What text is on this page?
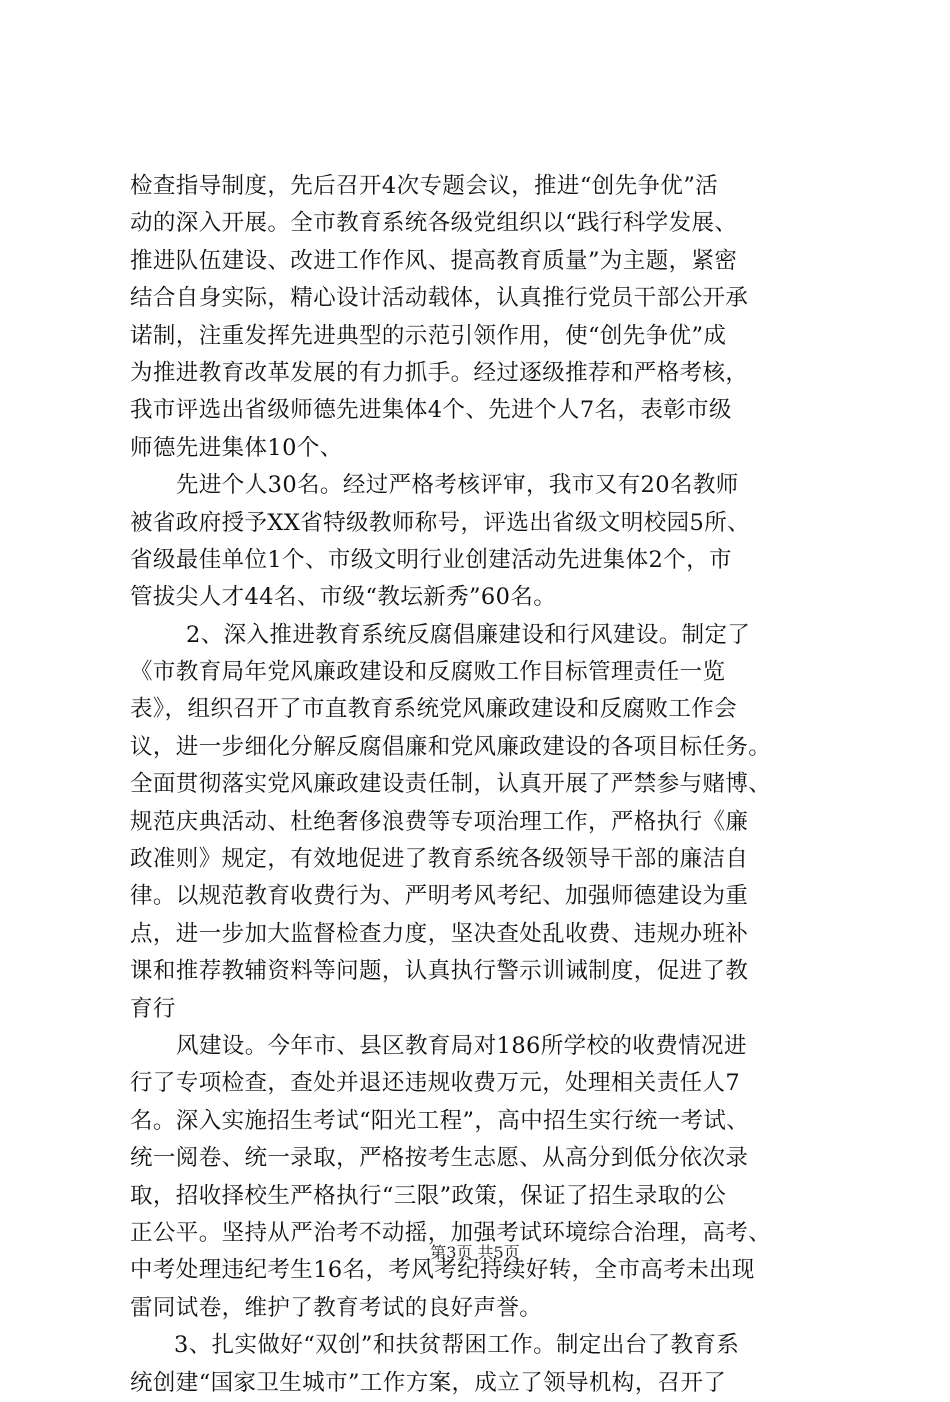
检查指导制度，先后召开4次专题会议，推进“创先争优”活
动的深入开展。全市教育系统各级党组织以“践行科学发展、
推进队伍建设、改进工作作风、提高教育质量”为主题，紧密
结合自身实际，精心设计活动载体，认真推行党员干部公开承
诺制，注重发挥先进典型的示范引领作用，使“创先争优”成
为推进教育改革发展的有力抓手。经过逐级推荐和严格考核，
我市评选出省级师德先进集体4个、先进个人7名，表彰市级
师德先进集体10个、
先进个人30名。经过严格考核评审，我市又有20名教师
被省政府授予XX省特级教师称号，评选出省级文明校园5所、
省级最佳单位1个、市级文明行业创建活动先进集体2个，市
管拔尖人才44名、市级“教坛新秀”60名。
2、深入推进教育系统反腐倡廉建设和行风建设。制定了
《市教育局年党风廉政建设和反腐败工作目标管理责任一览
表》，组织召开了市直教育系统党风廉政建设和反腐败工作会
议，进一步细化分解反腐倡廉和党风廉政建设的各项目标任务。
全面贯彻落实党风廉政建设责任制，认真开展了严禁参与赌博、
规范庆典活动、杜绝奢侈浪费等专项治理工作，严格执行《廉
政准则》规定，有效地促进了教育系统各级领导干部的廉洁自
律。以规范教育收费行为、严明考风考纪、加强师德建设为重
点，进一步加大监督检查力度，坚决查处乱收费、违规办班补
课和推荐教辅资料等问题，认真执行警示训诫制度，促进了教
育行
风建设。今年市、县区教育局对186所学校的收费情况进
行了专项检查，查处并退还违规收费万元，处理相关责任人7
名。深入实施招生考试“阳光工程”，高中招生实行统一考试、
统一阅卷、统一录取，严格按考生志愿、从高分到低分依次录
取，招收择校生严格执行“三限”政策，保证了招生录取的公
正公平。坚持从严治考不动摇，加强考试环境综合治理，高考、
中考处理违纪考生16名，考风考纪持续好转，全市高考未出现
雷同试卷，维护了教育考试的良好声誉。
3、扎实做好“双创”和扶贫帮困工作。制定出台了教育系
统创建“国家卫生城市”工作方案，成立了领导机构，召开了
第3页 共5页
